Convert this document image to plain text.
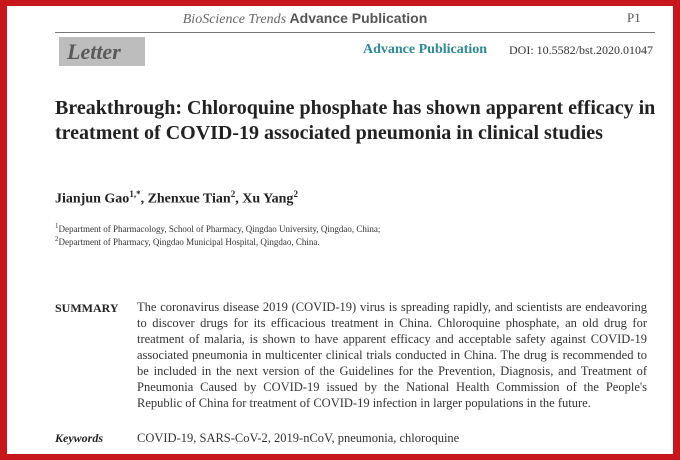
BioScience Trends Advance Publication	P1
Letter	Advance Publication DOI: 10.5582/bst.2020.01047
Breakthrough: Chloroquine phosphate has shown apparent efficacy in treatment of COVID-19 associated pneumonia in clinical studies
Jianjun Gao$^{1,*}$, Zhenxue Tian$^2$, Xu Yang$^2$
$^1$Department of Pharmacology, School of Pharmacy, Qingdao University, Qingdao, China;
$^2$Department of Pharmacy, Qingdao Municipal Hospital, Qingdao, China.
SUMMARY The coronavirus disease 2019 (COVID-19) virus is spreading rapidly, and scientists are endeavoring to discover drugs for its efficacious treatment in China. Chloroquine phosphate, an old drug for treatment of malaria, is shown to have apparent efficacy and acceptable safety against COVID-19 associated pneumonia in multicenter clinical trials conducted in China. The drug is recommended to be included in the next version of the Guidelines for the Prevention, Diagnosis, and Treatment of Pneumonia Caused by COVID-19 issued by the National Health Commission of the People's Republic of China for treatment of COVID-19 infection in larger populations in the future.
Keywords	COVID-19, SARS-CoV-2, 2019-nCoV, pneumonia, chloroquine
